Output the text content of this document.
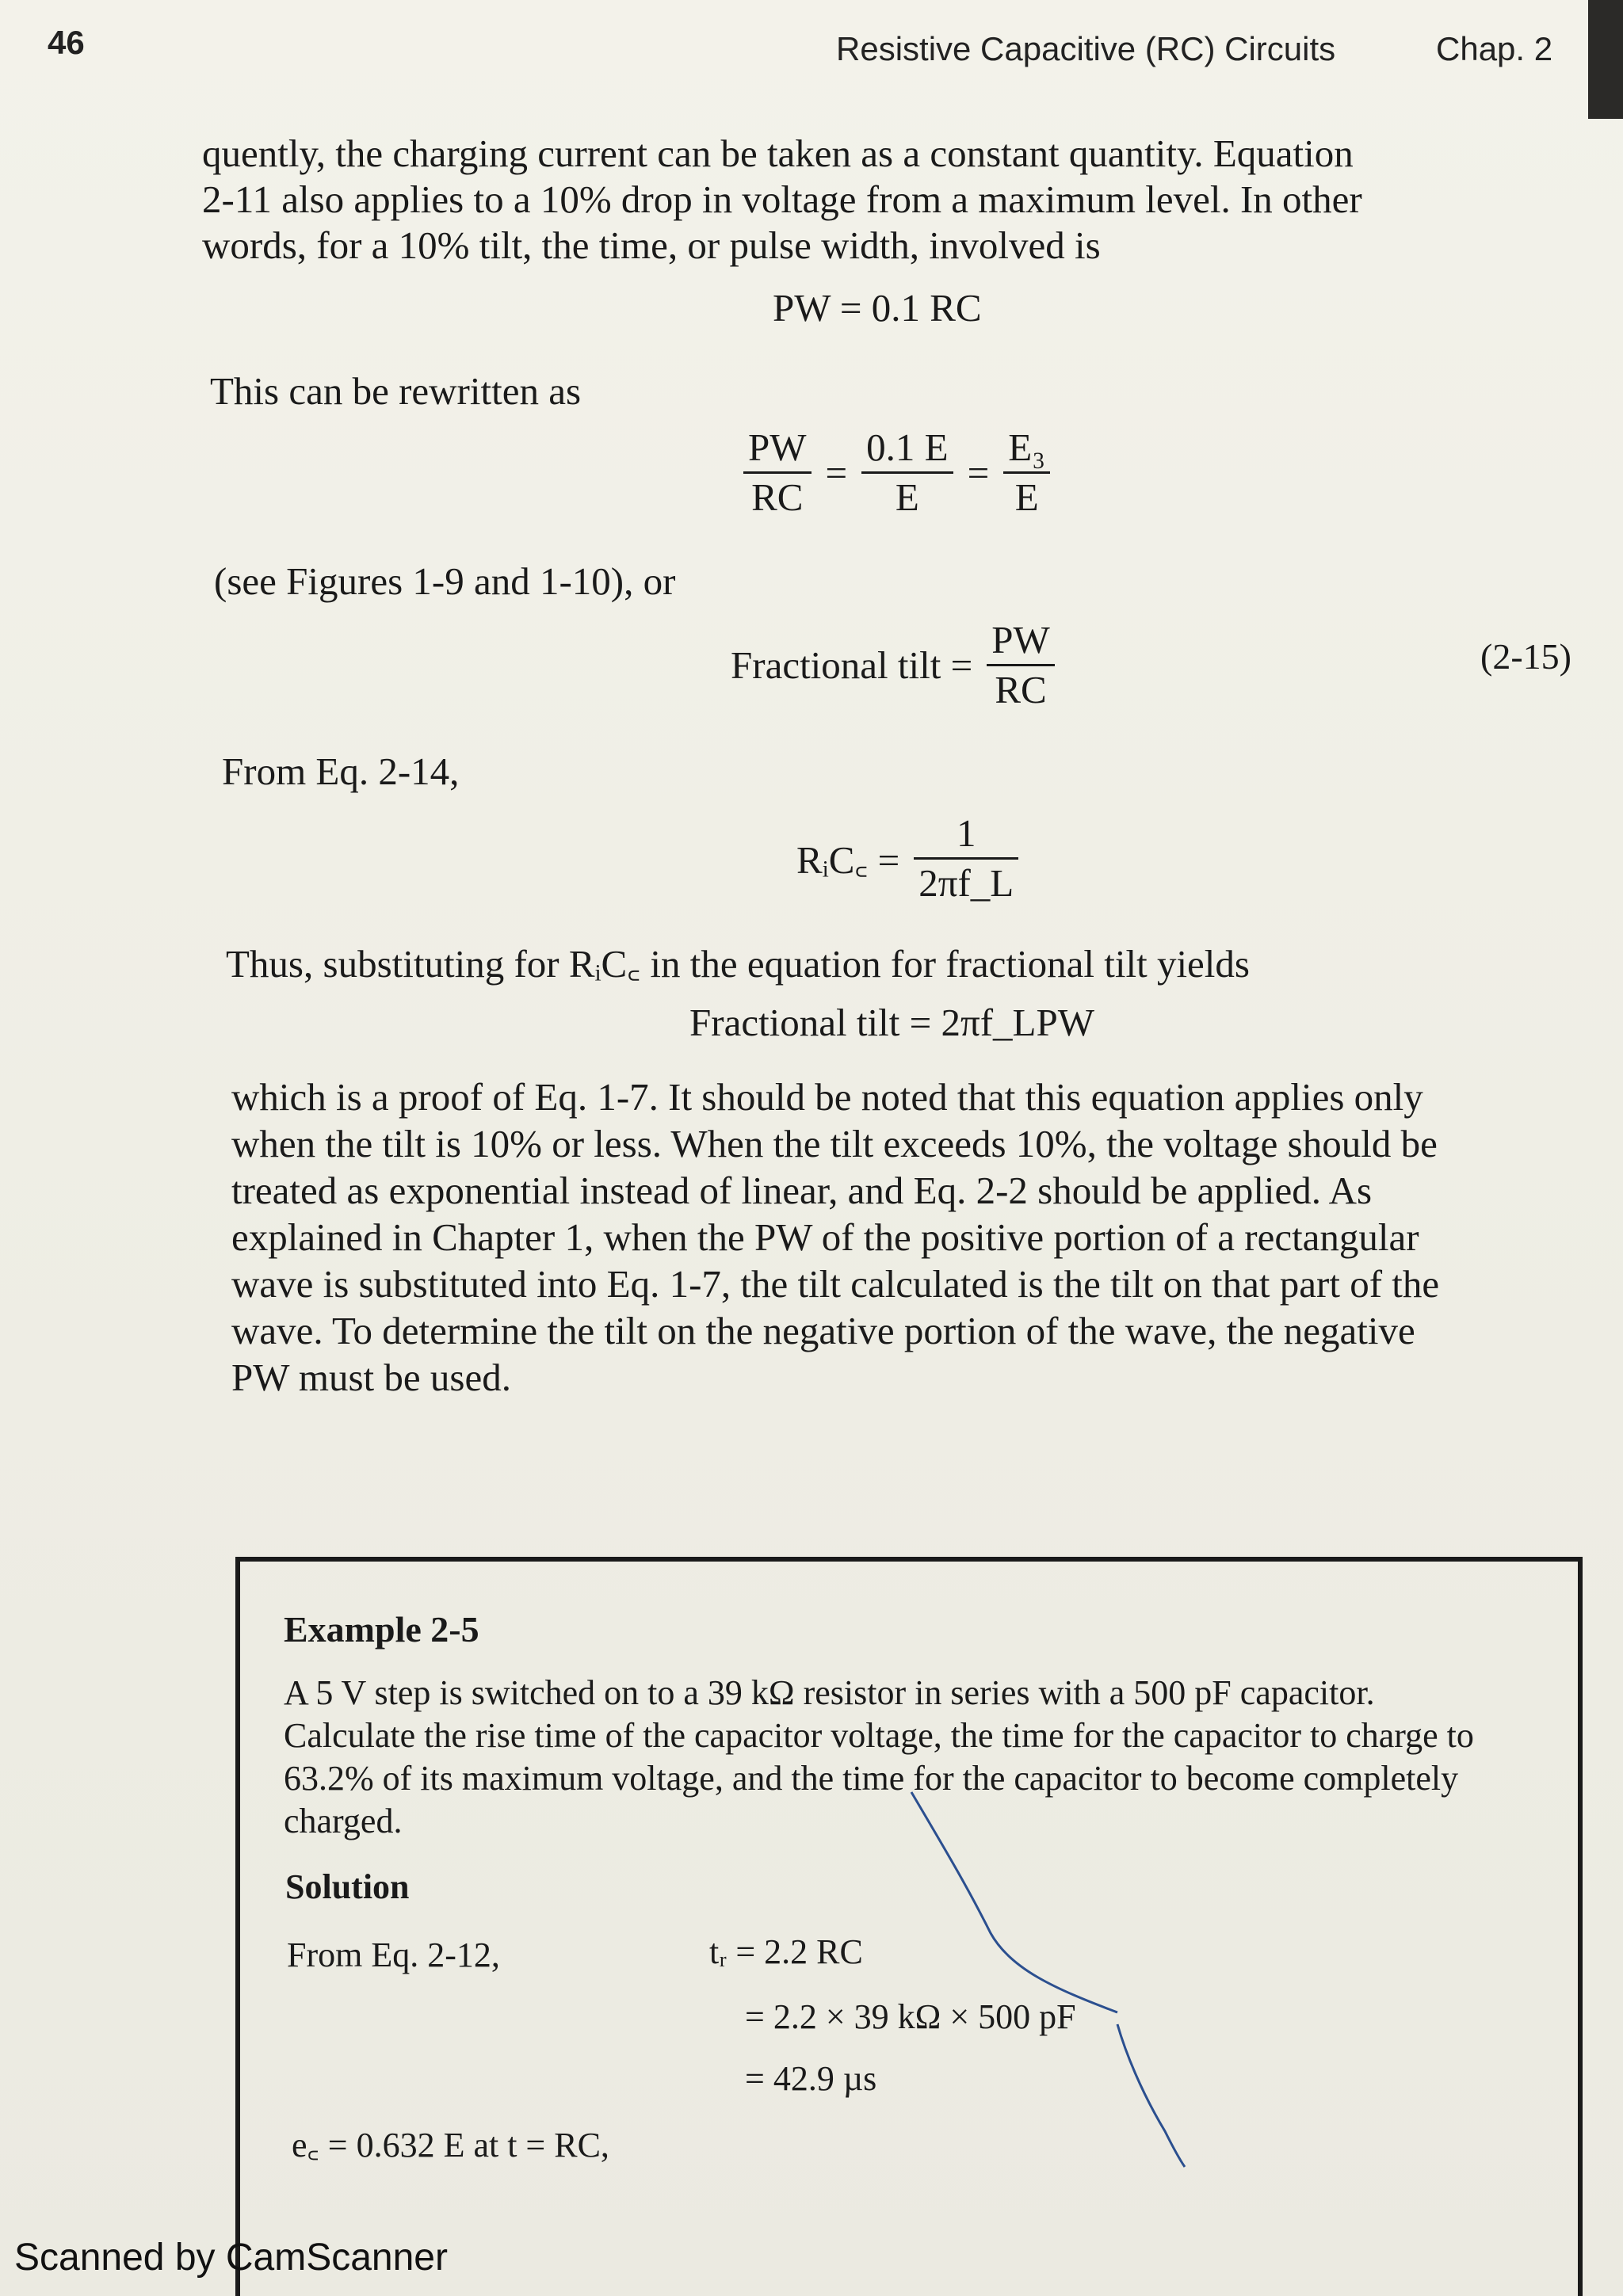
46	Resistive Capacitive (RC) Circuits	Chap. 2
quently, the charging current can be taken as a constant quantity. Equation
2-11 also applies to a 10% drop in voltage from a maximum level. In other
words, for a 10% tilt, the time, or pulse width, involved is
PW = 0.1 RC
This can be rewritten as
$\frac{PW}{RC} = \frac{0.1 E}{E} = \frac{\text{E₃}}{E}$
(see Figures 1-9 and 1-10), or
Fractional tilt = $\frac{PW}{RC}$	(2-15)
From Eq. 2-14,
RᵢC꜀ = $\frac{1}{2\pi f\_L}$
Thus, substituting for RᵢC꜀ in the equation for fractional tilt yields
Fractional tilt = 2πf_LPW
which is a proof of Eq. 1-7. It should be noted that this equation applies only
when the tilt is 10% or less. When the tilt exceeds 10%, the voltage should be
treated as exponential instead of linear, and Eq. 2-2 should be applied. As
explained in Chapter 1, when the PW of the positive portion of a rectangular
wave is substituted into Eq. 1-7, the tilt calculated is the tilt on that part of the
wave. To determine the tilt on the negative portion of the wave, the negative
PW must be used.
Example 2-5
A 5 V step is switched on to a 39 kΩ resistor in series with a 500 pF capacitor.
Calculate the rise time of the capacitor voltage, the time for the capacitor to charge to
63.2% of its maximum voltage, and the time for the capacitor to become completely
charged.
Solution
From Eq. 2-12,	tᵣ = 2.2 RC
= 2.2 × 39 kΩ × 500 pF
= 42.9 µs
e꜀ = 0.632 E at t = RC,
Scanned by CamScanner
